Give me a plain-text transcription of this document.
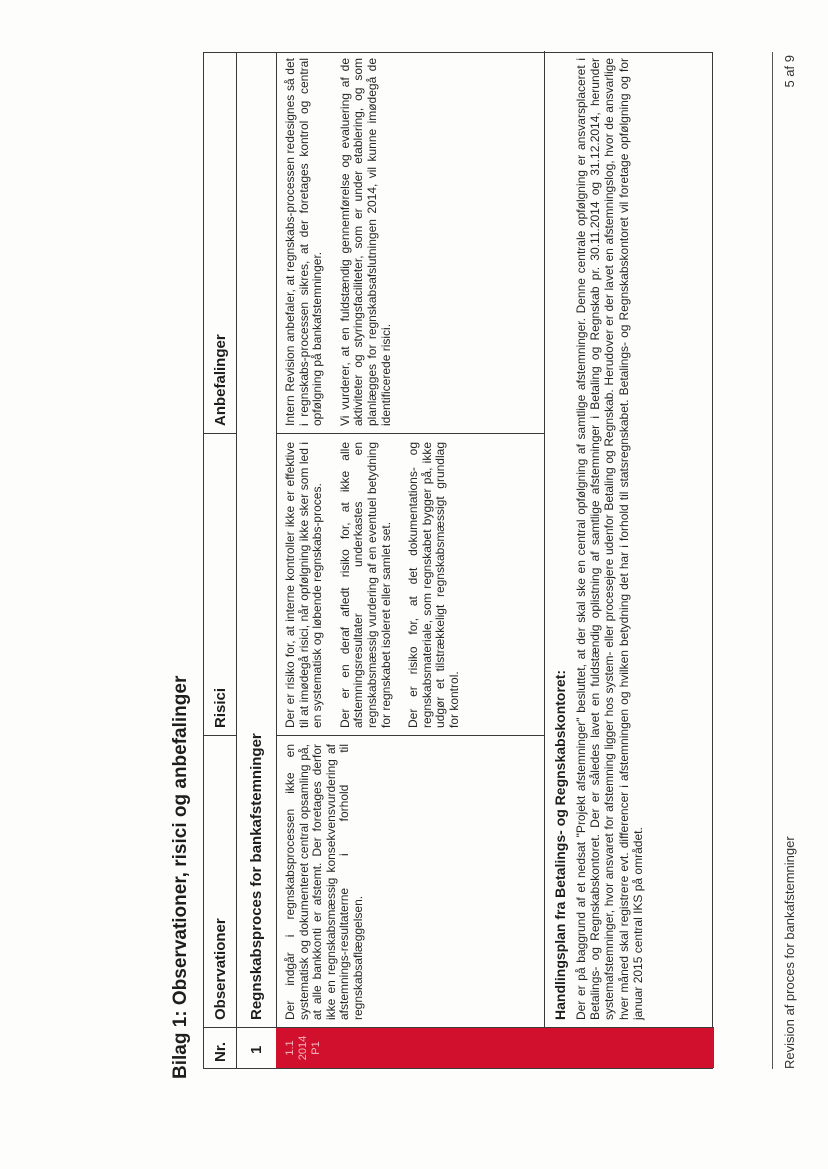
Bilag 1: Observationer, risici og anbefalinger Nr.
Observationer
Risici
Anbefalinger
1
Regnskabsproces for bankafstemninger
1.1 2014 P1
Der indgår i regnskabsprocessen ikke en systematisk og dokumenteret central opsamling på, at alle bankkonti er afstemt. Der foretages derfor ikke en regnskabsmæssig konsekvensvurdering af afstemnings-resultaterne i forhold til regnskabsaflæggelsen.

Der er risiko for, at interne kontroller ikke er effektive til at imødegå risici, når opfølgning ikke sker som led i en systematisk og løbende regnskabs-proces. Der er en deraf afledt risiko for, at ikke alle afstemningsresultater underkastes en regnskabsmæssig vurdering af en eventuel betydning for regnskabet isoleret eller samlet set. Der er risiko for, at det dokumentations- og regnskabsmateriale, som regnskabet bygger på, ikke udgør et tilstrækkeligt regnskabsmæssigt grundlag for kontrol.

Intern Revision anbefaler, at regnskabs-processen redesignes så det i regnskabs-processen sikres, at der foretages kontrol og central opfølgning på bankafstemninger. Vi vurderer, at en fuldstændig gennemførelse og evaluering af de aktiviteter og styringsfaciliteter, som er under etablering, og som planlægges for regnskabsafslutningen 2014, vil kunne imødegå de identificerede risici.

Handlingsplan fra Betalings- og Regnskabskontoret: Der er på baggrund af et nedsat "Projekt afstemninger" besluttet, at der skal ske en central opfølgning af samtlige afstemninger. Denne centrale opfølgning er ansvarsplaceret i Betalings- og Regnskabskontoret. Der er således lavet en fuldstændig oplistning af samtlige afstemninger i Betaling og Regnskab pr. 30.11.2014 og 31.12.2014, herunder systemafstemninger, hvor ansvaret for afstemning ligger hos system- eller procesejere udenfor Betaling og Regnskab. Herudover er der lavet en afstemningslog, hvor de ansvarlige hver måned skal registrere evt. differencer i afstemningen og hvilken betydning det har i forhold til statsregnskabet. Betalings- og Regnskabskontoret vil foretage opfølgning og for januar 2015 central IKS på området.	Revision af proces for bankafstemninger
5 af 9
